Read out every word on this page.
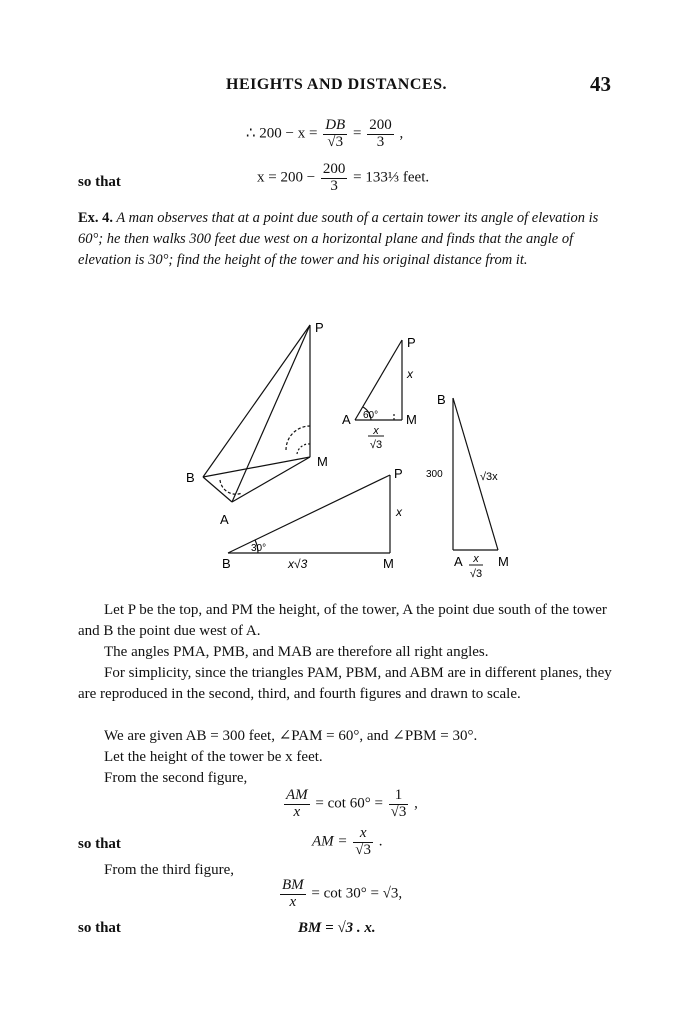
HEIGHTS AND DISTANCES.	43
∴ $200 - x = \frac{DB}{√3} = \frac{200}{3}$ ,
so that	$x = 200 - \frac{200}{3}$ = 133⅓ feet.
Ex. 4. A man observes that at a point due south of a certain tower its angle of elevation is 60°; he then walks 300 feet due west on a horizontal plane and finds that the angle of elevation is 30°; find the height of the tower and his original distance from it.
P
B
A
M
P
A	M
60°
x
x
√3
P
B	M
30°
x
x√3
B
A	M
300	√3x
x
√3
Let P be the top, and PM the height, of the tower, A the point due south of the tower and B the point due west of A.
The angles PMA, PMB, and MAB are therefore all right angles.
For simplicity, since the triangles PAM, PBM, and ABM are in different planes, they are reproduced in the second, third, and fourth figures and drawn to scale.
We are given AB = 300 feet, ∠PAM = 60°, and ∠PBM = 30°.
Let the height of the tower be x feet.
From the second figure,
$\frac{AM}{x} = \cot 60^\circ = \frac{1}{√3}$ ,
so that	AM = $\frac{x}{√3}$ .
From the third figure,
$\frac{BM}{x} = \cot 30^\circ = √3$,
so that	BM = √3 . x.
